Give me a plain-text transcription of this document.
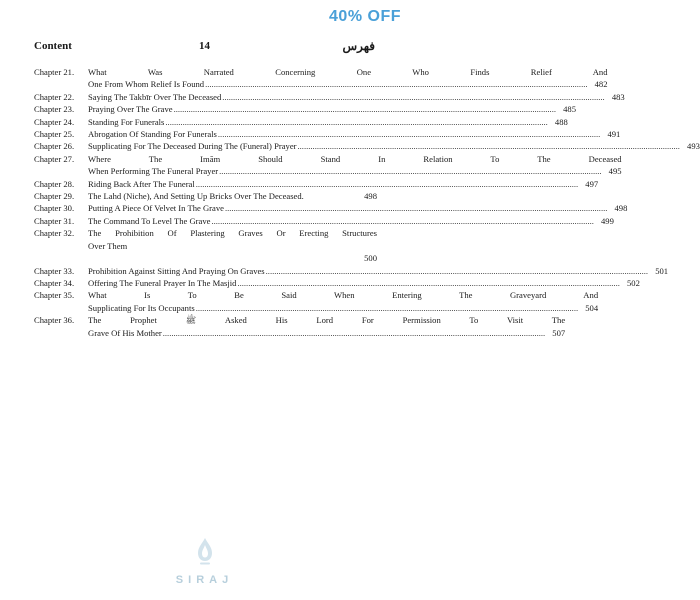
40% OFF
Content	14	فهرس
Chapter 21.	What Was Narrated Concerning One Who Finds Relief And
One From Whom Relief Is Found .....	482
Chapter 22.	Saying The Takbīr Over The Deceased .....	483
Chapter 23.	Praying Over The Grave .....	485
Chapter 24.	Standing For Funerals .....	488
Chapter 25.	Abrogation Of Standing For Funerals .....	491
Chapter 26.	Supplicating For The Deceased During The (Funeral) Prayer .....	493
Chapter 27.	Where The Imām Should Stand In Relation To The Deceased
When Performing The Funeral Prayer .....	495
Chapter 28.	Riding Back After The Funeral .....	497
Chapter 29.	The Lahd (Niche), And Setting Up Bricks Over The Deceased.	498
Chapter 30.	Putting A Piece Of Velvet In The Grave .....	498
Chapter 31.	The Command To Level The Grave .....	499
Chapter 32.	The Prohibition Of Plastering Graves Or Erecting Structures
Over Them
500
Chapter 33.	Prohibition Against Sitting And Praying On Graves .....	501
Chapter 34.	Offering The Funeral Prayer In The Masjid .....	502
Chapter 35.	What Is To Be Said When Entering The Graveyard And
Supplicating For Its Occupants .....	504
Chapter 36.	The Prophet ﷺ Asked His Lord For Permission To Visit The
Grave Of His Mother .....	507
SIRAJ
